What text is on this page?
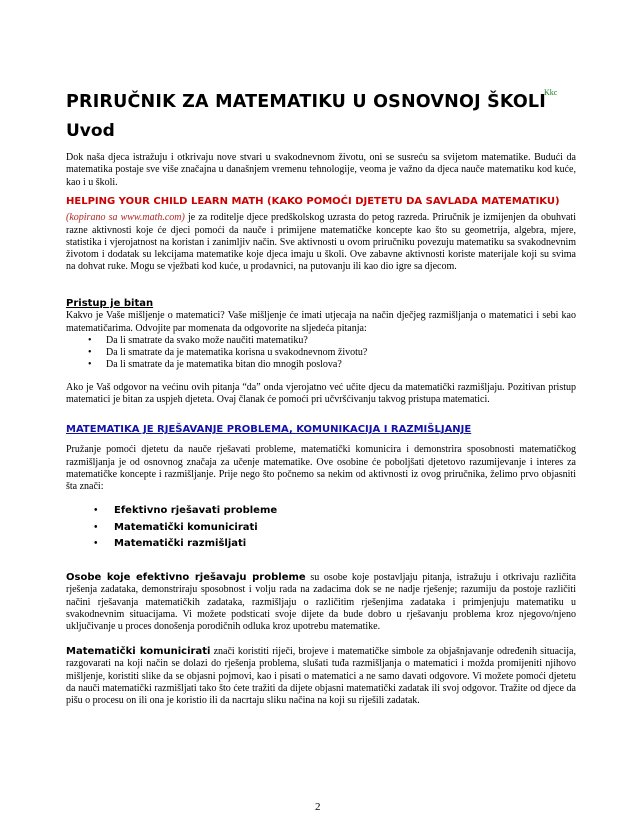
Kkc
PRIRUČNIK ZA MATEMATIKU U OSNOVNOJ ŠKOLI
Uvod
Dok naša djeca istražuju i otkrivaju nove stvari u svakodnevnom životu, oni se susreću sa svijetom matematike. Budući da matematika postaje sve više značajna u današnjem vremenu tehnologije, veoma je važno da djeca nauče matematiku kod kuće, kao i u školi.
HELPING YOUR CHILD LEARN MATH (KAKO POMOĆI DJETETU DA SAVLADA MATEMATIKU)
(kopirano sa www.math.com) je za roditelje djece predškolskog uzrasta do petog razreda. Priručnik je izmijenjen da obuhvati razne aktivnosti koje će djeci pomoći da nauče i primijene matematičke koncepte kao što su geometrija, algebra, mjere, statistika i vjerojatnost na koristan i zanimljiv način. Sve aktivnosti u ovom priručniku povezuju matematiku sa svakodnevnim životom i dodatak su lekcijama matematike koje djeca imaju u školi. Ove zabavne aktivnosti koriste materijale koji su svima na dohvat ruke. Mogu se vježbati kod kuće, u prodavnici, na putovanju ili kao dio igre sa djecom.
Pristup je bitan
Kakvo je Vaše mišljenje o matematici? Vaše mišljenje će imati utjecaja na način dječjeg razmišljanja o matematici i sebi kao matematičarima. Odvojite par momenata da odgovorite na sljedeća pitanja:
• Da li smatrate da svako može naučiti matematiku?
• Da li smatrate da je matematika korisna u svakodnevnom životu?
• Da li smatrate da je matematika bitan dio mnogih poslova?
Ako je Vaš odgovor na većinu ovih pitanja “da” onda vjerojatno već učite djecu da matematički razmišljaju. Pozitivan pristup matematici je bitan za uspjeh djeteta. Ovaj članak će pomoći pri učvršćivanju takvog pristupa matematici.
MATEMATIKA JE RJEŠAVANJE PROBLEMA, KOMUNIKACIJA I RAZMIŠLJANJE
Pružanje pomoći djetetu da nauče rješavati probleme, matematički komunicira i demonstrira sposobnosti matematičkog razmišljanja je od osnovnog značaja za učenje matematike. Ove osobine će poboljšati djetetovo razumijevanje i interes za matematičke koncepte i razmišljanje. Prije nego što počnemo sa nekim od aktivnosti iz ovog priručnika, želimo prvo objasniti šta znači:
• Efektivno rješavati probleme
• Matematički komunicirati
• Matematički razmišljati
Osobe koje efektivno rješavaju probleme su osobe koje postavljaju pitanja, istražuju i otkrivaju različita rješenja zadataka, demonstriraju sposobnost i volju rada na zadacima dok se ne nadje rješenje; razumiju da postoje različiti načini rješavanja matematičkih zadataka, razmišljaju o različitim rješenjima zadataka i primjenjuju matematiku u svakodnevnim situacijama. Vi možete podsticati svoje dijete da bude dobro u rješavanju problema kroz njegovo/njeno uključivanje u proces donošenja porodičnih odluka kroz upotrebu matematike.
Matematički komunicirati znači koristiti riječi, brojeve i matematičke simbole za objašnjavanje određenih situacija, razgovarati na koji način se dolazi do rješenja problema, slušati tuđa razmišljanja o matematici i možda promijeniti njihovo mišljenje, koristiti slike da se objasni pojmovi, kao i pisati o matematici a ne samo davati odgovore. Vi možete pomoći djetetu da nauči matematički razmišljati tako što ćete tražiti da dijete objasni matematički zadatak ili svoj odgovor. Tražite od djece da pišu o procesu on ili ona je koristio ili da nacrtaju sliku načina na koji su riješili zadatak.
2
